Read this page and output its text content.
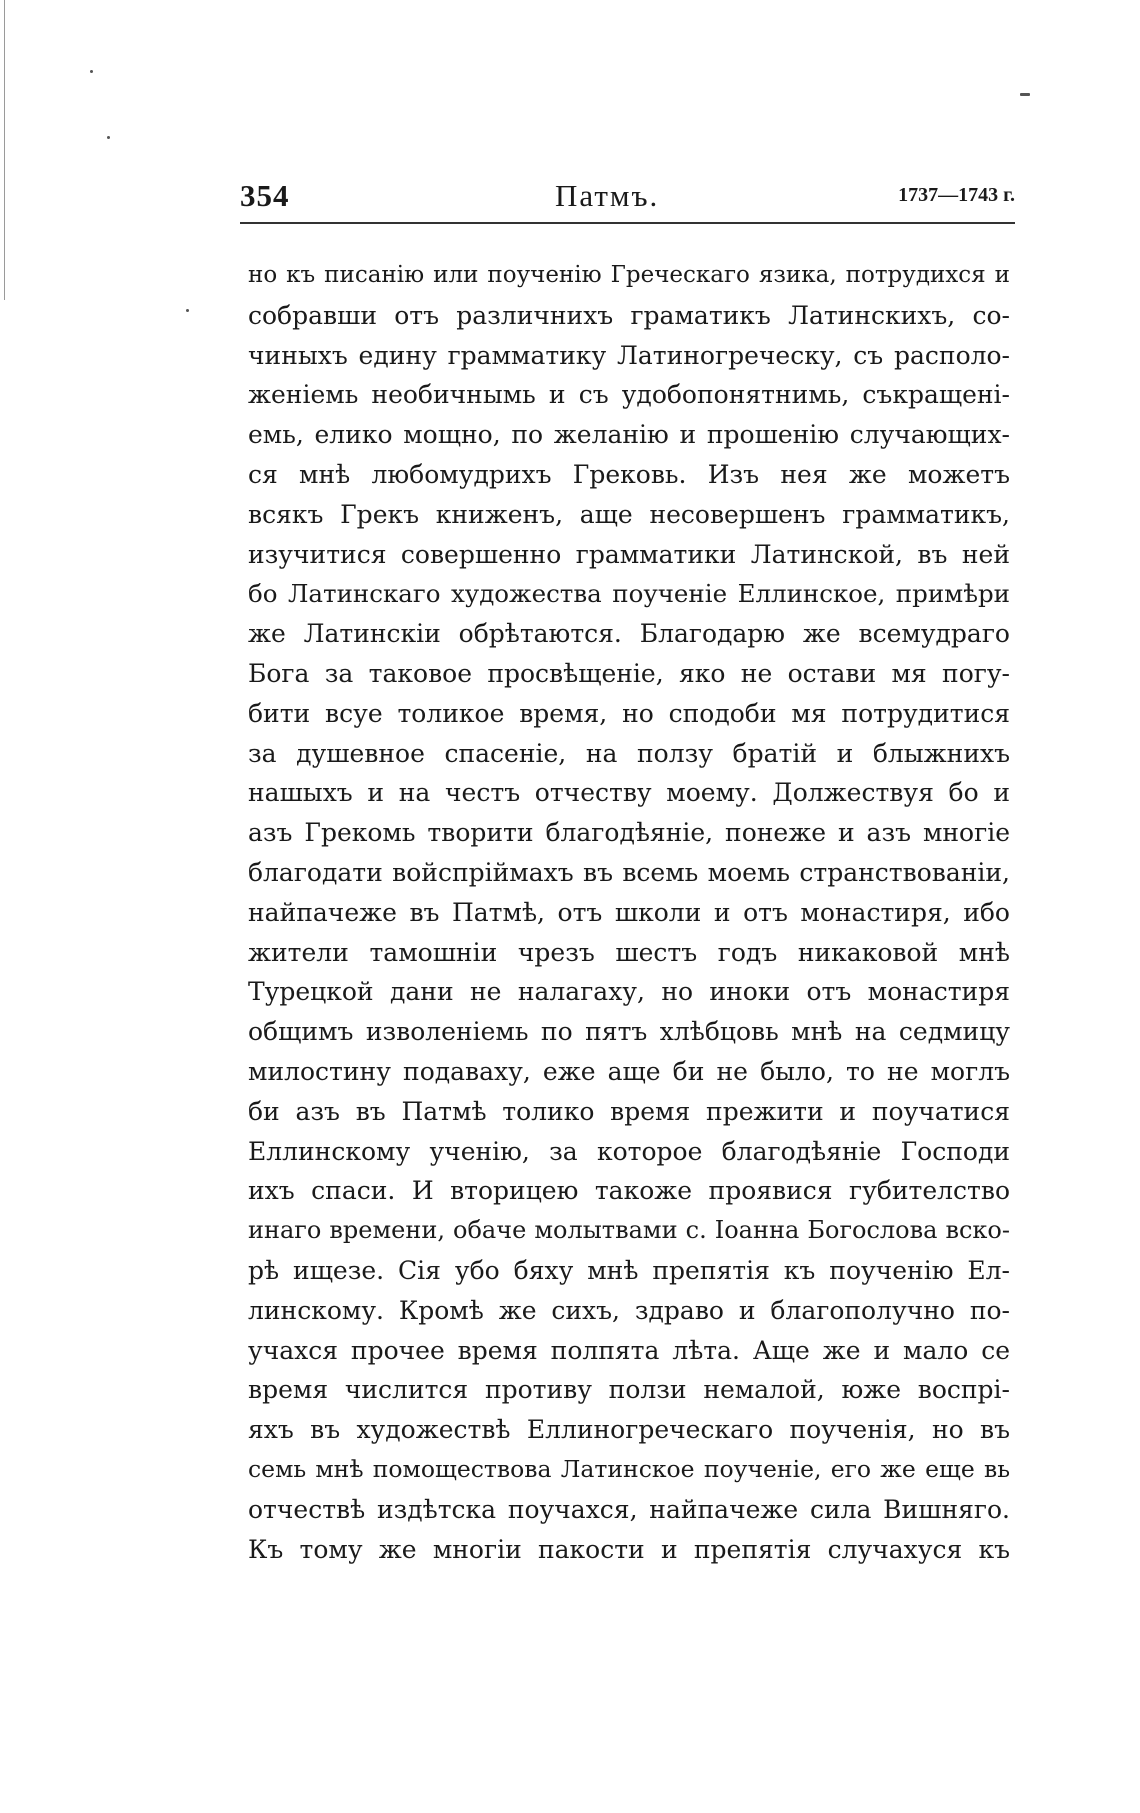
354	Патмъ.	1737—1743 г.
но къ писанію или поученію Греческаго язика, потрудихся и
собравши отъ различнихъ граматикъ Латинскихъ, со-
чиныхъ едину грамматику Латиногреческу, съ располо-
женіемь необичнымь и съ удобопонятнимь, съкращені-
емь, елико мощно, по желанію и прошенію случающих-
ся мнѣ любомудрихъ Грековь. Изъ нея же можетъ
всякъ Грекъ книженъ, аще несовершенъ грамматикъ,
изучитися совершенно грамматики Латинской, въ ней
бо Латинскаго художества поученіе Еллинское, примѣри
же Латинскіи обрѣтаются. Благодарю же всемудраго
Бога за таковое просвѣщеніе, яко не остави мя погу-
бити всуе толикое время, но сподоби мя потрудитися
за душевное спасеніе, на ползу братій и блыжнихъ
нашыхъ и на честъ отчеству моему. Должествуя бо и
азъ Грекомь творити благодѣяніе, понеже и азъ многіе
благодати войспріймахъ въ всемь моемь странствованіи,
найпачеже въ Патмѣ, отъ школи и отъ монастиря, ибо
жители тамошніи чрезъ шестъ годъ никаковой мнѣ
Турецкой дани не налагаху, но иноки отъ монастиря
общимъ изволеніемь по пятъ хлѣбцовь мнѣ на седмицу
милостину подаваху, еже аще би не было, то не моглъ
би азъ въ Патмѣ толико время прежити и поучатися
Еллинскому ученію, за которое благодѣяніе Господи
ихъ спаси. И вторицею такоже проявися губителство
инаго времени, обаче молытвами с. Іоанна Богослова вско-
рѣ ищезе. Сія убо бяху мнѣ препятія къ поученію Ел-
линскому. Кромѣ же сихъ, здраво и благополучно по-
учахся прочее время полпята лѣта. Аще же и мало се
время числится противу ползи немалой, юже воспрі-
яхъ въ художествѣ Еллиногреческаго поученія, но въ
семь мнѣ помоществова Латинское поученіе, его же еще вь
отчествѣ издѣтска поучахся, найпачеже сила Вишняго.
Къ тому же многіи пакости и препятія случахуся къ
